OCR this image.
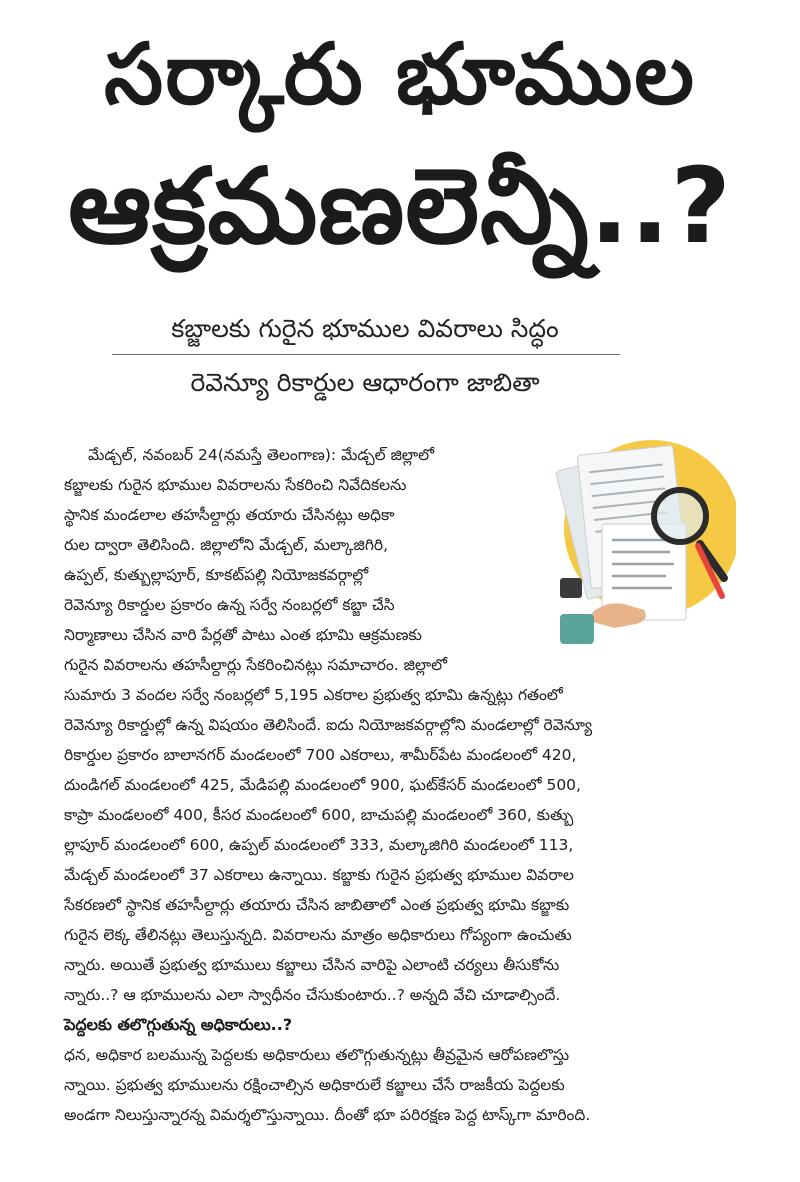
సర్కారు భూముల
ఆక్రమణలెన్నీ..?
కబ్జాలకు గురైన భూముల వివరాలు సిద్ధం
రెవెన్యూ రికార్డుల ఆధారంగా జాబితా
మేడ్చల్, నవంబర్ 24(నమస్తే తెలంగాణ): మేడ్చల్ జిల్లాలో
కబ్జాలకు గురైన భూముల వివరాలను సేకరించి నివేదికలను
స్థానిక మండలాల తహసీల్దార్లు తయారు చేసినట్లు అధికా
రుల ద్వారా తెలిసింది. జిల్లాలోని మేడ్చల్, మల్కాజిగిరి,
ఉప్పల్, కుత్బుల్లాపూర్, కూకట్‌పల్లి నియోజకవర్గాల్లో
రెవెన్యూ రికార్డుల ప్రకారం ఉన్న సర్వే నంబర్లలో కబ్జా చేసి
నిర్మాణాలు చేసిన వారి పేర్లతో పాటు ఎంత భూమి ఆక్రమణకు
గురైన వివరాలను తహసీల్దార్లు సేకరించినట్లు సమాచారం. జిల్లాలో
సుమారు 3 వందల సర్వే నంబర్లలో 5,195 ఎకరాల ప్రభుత్వ భూమి ఉన్నట్లు గతంలో
రెవెన్యూ రికార్డుల్లో ఉన్న విషయం తెలిసిందే. ఐదు నియోజకవర్గాల్లోని మండలాల్లో రెవెన్యూ
రికార్డుల ప్రకారం బాలానగర్ మండలంలో 700 ఎకరాలు, శామీర్‌పేట మండలంలో 420,
దుండిగల్ మండలంలో 425, మేడిపల్లి మండలంలో 900, ఘట్‌కేసర్ మండలంలో 500,
కాప్రా మండలంలో 400, కీసర మండలంలో 600, బాచుపల్లి మండలంలో 360, కుత్బు
ల్లాపూర్ మండలంలో 600, ఉప్పల్ మండలంలో 333, మల్కాజిగిరి మండలంలో 113,
మేడ్చల్ మండలంలో 37 ఎకరాలు ఉన్నాయి. కబ్జాకు గురైన ప్రభుత్వ భూముల వివరాల
సేకరణలో స్థానిక తహసీల్దార్లు తయారు చేసిన జాబితాలో ఎంత ప్రభుత్వ భూమి కబ్జాకు
గురైన లెక్క తేలినట్లు తెలుస్తున్నది. వివరాలను మాత్రం అధికారులు గోప్యంగా ఉంచుతు
న్నారు. అయితే ప్రభుత్వ భూములు కబ్జాలు చేసిన వారిపై ఎలాంటి చర్యలు తీసుకోను
న్నారు..? ఆ భూములను ఎలా స్వాధీనం చేసుకుంటారు..? అన్నది వేచి చూడాల్సిందే.
పెద్దలకు తలొగ్గుతున్న అధికారులు..?
ధన, అధికార బలమున్న పెద్దలకు అధికారులు తలొగ్గుతున్నట్లు తీవ్రమైన ఆరోపణలొస్తు
న్నాయి. ప్రభుత్వ భూములను రక్షించాల్సిన అధికారులే కబ్జాలు చేసే రాజకీయ పెద్దలకు
అండగా నిలుస్తున్నారన్న విమర్శలొస్తున్నాయి. దీంతో భూ పరిరక్షణ పెద్ద టాస్క్‌గా మారింది.
